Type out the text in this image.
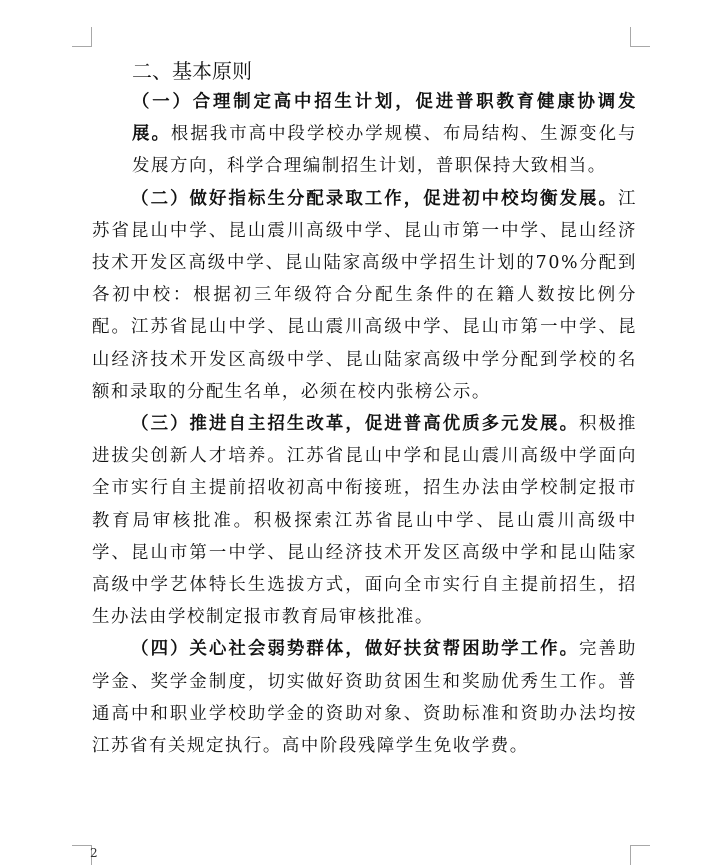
二、基本原则

（一）合理制定高中招生计划，促进普职教育健康协调发展。根据我市高中段学校办学规模、布局结构、生源变化与发展方向，科学合理编制招生计划，普职保持大致相当。

（二）做好指标生分配录取工作，促进初中校均衡发展。江苏省昆山中学、昆山震川高级中学、昆山市第一中学、昆山经济技术开发区高级中学、昆山陆家高级中学招生计划的70%分配到各初中校：根据初三年级符合分配生条件的在籍人数按比例分配。江苏省昆山中学、昆山震川高级中学、昆山市第一中学、昆山经济技术开发区高级中学、昆山陆家高级中学分配到学校的名额和录取的分配生名单，必须在校内张榜公示。

（三）推进自主招生改革，促进普高优质多元发展。积极推进拔尖创新人才培养。江苏省昆山中学和昆山震川高级中学面向全市实行自主提前招收初高中衔接班，招生办法由学校制定报市教育局审核批准。积极探索江苏省昆山中学、昆山震川高级中学、昆山市第一中学、昆山经济技术开发区高级中学和昆山陆家高级中学艺体特长生选拔方式，面向全市实行自主提前招生，招生办法由学校制定报市教育局审核批准。

（四）关心社会弱势群体，做好扶贫帮困助学工作。完善助学金、奖学金制度，切实做好资助贫困生和奖励优秀生工作。普通高中和职业学校助学金的资助对象、资助标准和资助办法均按江苏省有关规定执行。高中阶段残障学生免收学费。

2
